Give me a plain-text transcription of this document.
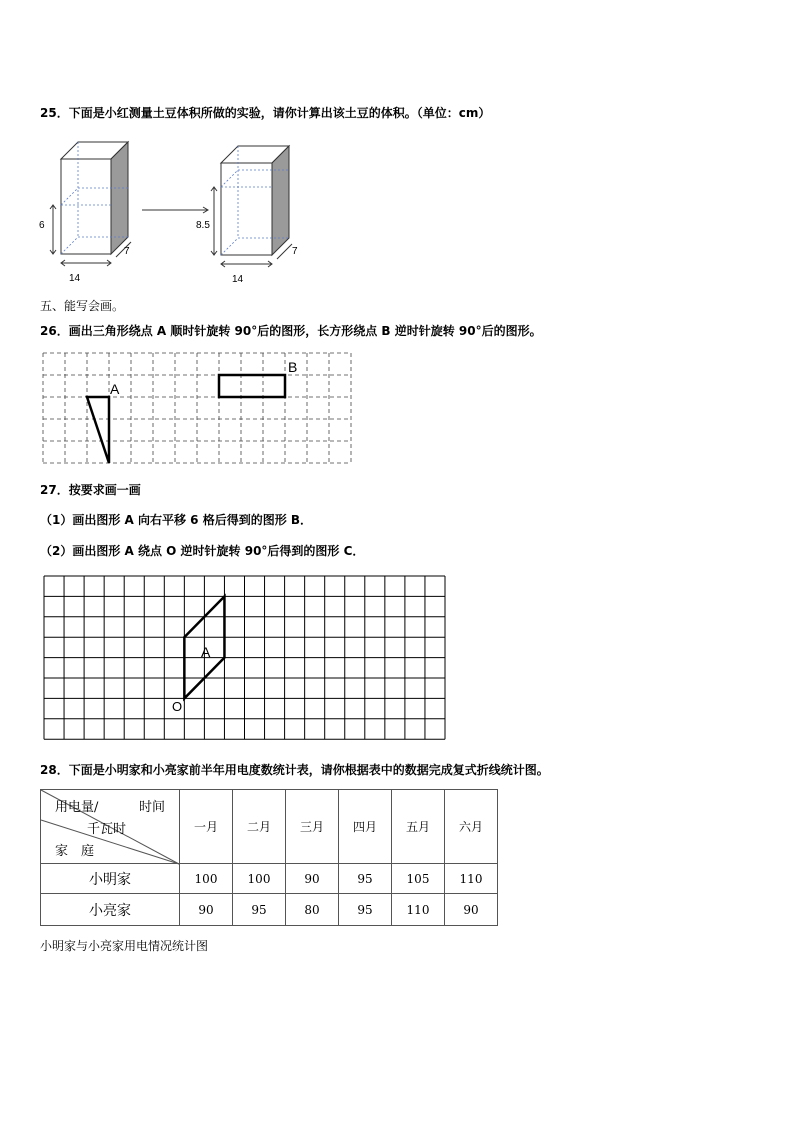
25．下面是小红测量土豆体积所做的实验，请你计算出该土豆的体积。（单位：cm）
6
14
7
8.5
14
7
五、能写会画。
26．画出三角形绕点 A 顺时针旋转 90°后的图形，长方形绕点 B 逆时针旋转 90°后的图形。
A
B
27．按要求画一画
（1）画出图形 A 向右平移 6 格后得到的图形 B．
（2）画出图形 A 绕点 O 逆时针旋转 90°后得到的图形 C．
A
O
28．下面是小明家和小亮家前半年用电度数统计表，请你根据表中的数据完成复式折线统计图。
时间
用电量/
千瓦时
家　庭	一月	二月	三月	四月	五月	六月
小明家	100	100	90	95	105	110
小亮家	90	95	80	95	110	90
小明家与小亮家用电情况统计图
